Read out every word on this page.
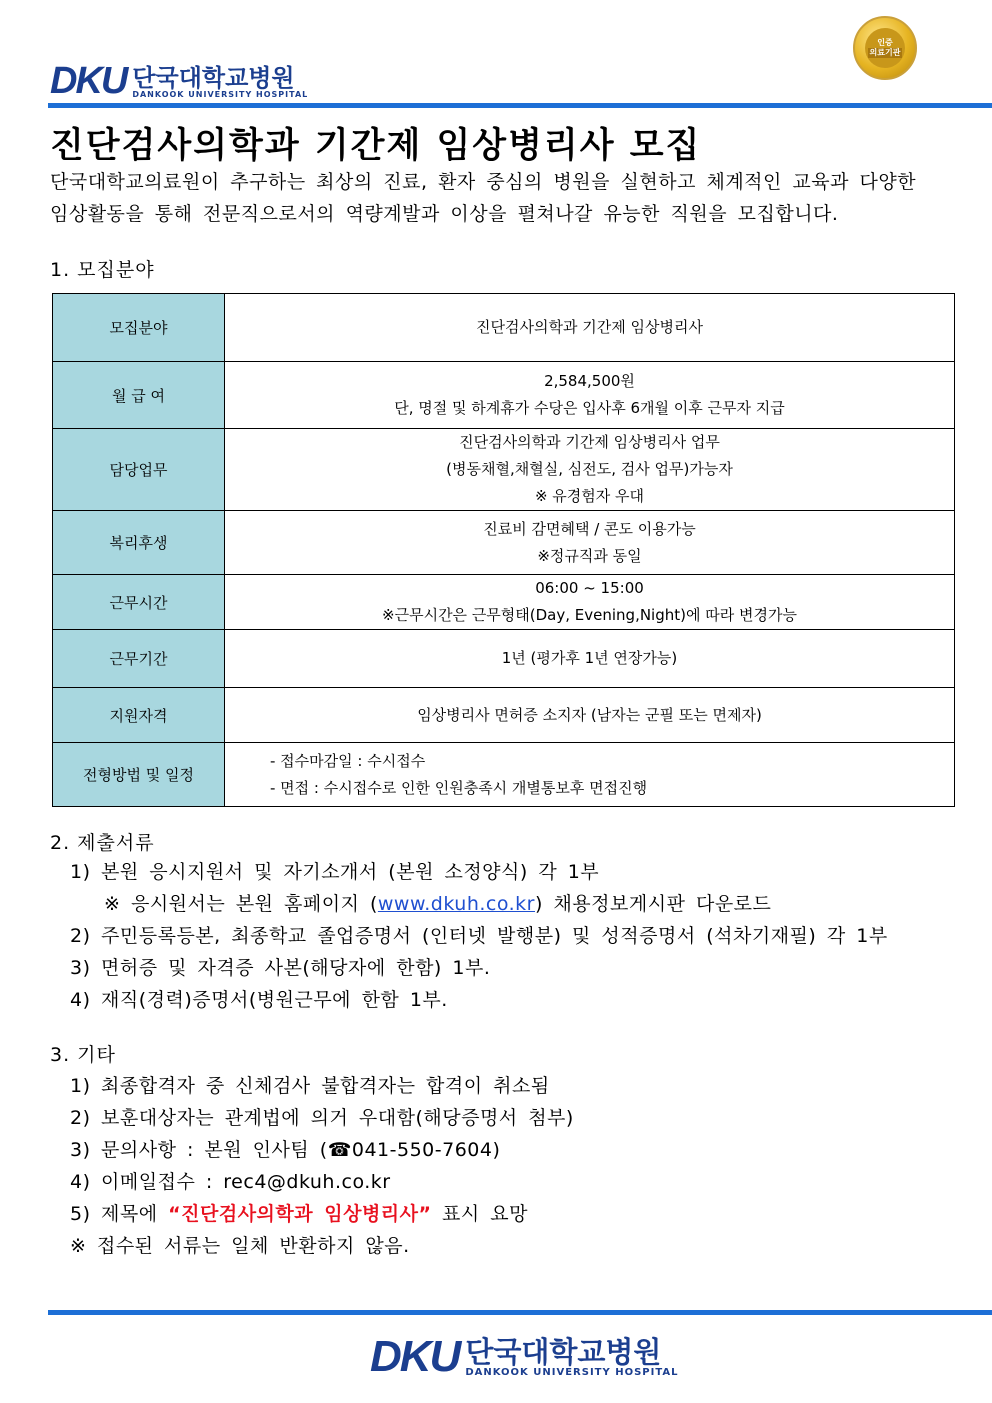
DKU 단국대학교병원
DANKOOK UNIVERSITY HOSPITAL
인증
의료기관
진단검사의학과 기간제 임상병리사 모집
단국대학교의료원이 추구하는 최상의 진료, 환자 중심의 병원을 실현하고 체계적인 교육과 다양한
임상활동을 통해 전문직으로서의 역량계발과 이상을 펼쳐나갈 유능한 직원을 모집합니다.
1. 모집분야
모집분야	진단검사의학과 기간제 임상병리사

월 급 여	2,584,500원
단, 명절 및 하계휴가 수당은 입사후 6개월 이후 근무자 지급

담당업무	진단검사의학과 기간제 임상병리사 업무
(병동채혈,채혈실, 심전도, 검사 업무)가능자
※ 유경험자 우대

복리후생	진료비 감면혜택 / 콘도 이용가능
※정규직과 동일

근무시간	06:00 ~ 15:00
※근무시간은 근무형태(Day, Evening,Night)에 따라 변경가능

근무기간	1년 (평가후 1년 연장가능)

지원자격	임상병리사 면허증 소지자 (남자는 군필 또는 면제자)

전형방법 및 일정	- 접수마감일 : 수시접수
- 면접 : 수시접수로 인한 인원충족시 개별통보후 면접진행
2. 제출서류
1) 본원 응시지원서 및 자기소개서 (본원 소정양식) 각 1부
※ 응시원서는 본원 홈페이지 (www.dkuh.co.kr) 채용정보게시판 다운로드
2) 주민등록등본, 최종학교 졸업증명서 (인터넷 발행분) 및 성적증명서 (석차기재필) 각 1부
3) 면허증 및 자격증 사본(해당자에 한함) 1부.
4) 재직(경력)증명서(병원근무에 한함 1부.
3. 기타
1) 최종합격자 중 신체검사 불합격자는 합격이 취소됨
2) 보훈대상자는 관계법에 의거 우대함(해당증명서 첨부)
3) 문의사항 : 본원 인사팀 (☎041-550-7604)
4) 이메일접수 : rec4@dkuh.co.kr
5) 제목에 “진단검사의학과 임상병리사” 표시 요망
※ 접수된 서류는 일체 반환하지 않음.
DKU 단국대학교병원
DANKOOK UNIVERSITY HOSPITAL
